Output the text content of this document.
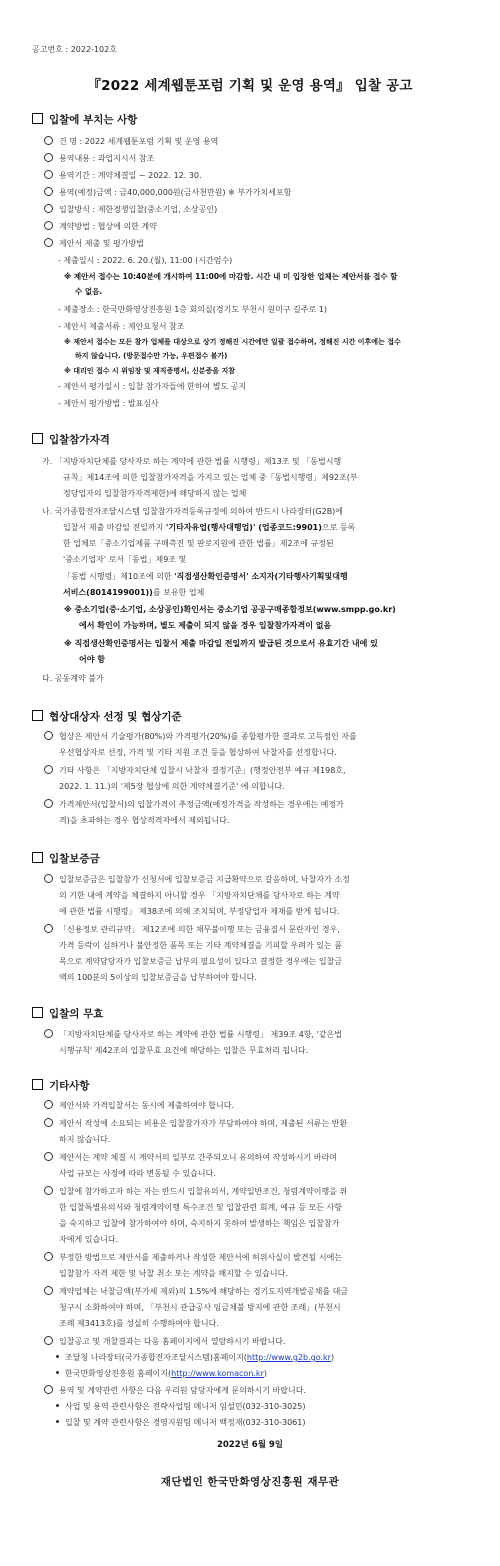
공고번호 : 2022-102호
『2022 세계웹툰포럼 기획 및 운영 용역』 입찰 공고
입찰에 부치는 사항
건 명 : 2022 세계웹툰포럼 기획 및 운영 용역
용역내용 : 과업지시서 참조
용역기간 : 계약체결일 ~ 2022. 12. 30.
용역(예정)금액 : 금40,000,000원(금사천만원) ※ 부가가치세포함
입찰방식 : 제한경쟁입찰(중소기업, 소상공인)
계약방법 : 협상에 의한 계약
제안서 제출 및 평가방법
- 제출일시 : 2022. 6. 20.(월), 11:00 (시간엄수)
※ 제안서 접수는 10:40분에 개시하여 11:00에 마감함. 시간 내 미 입장한 업체는 제안서를 접수 할
수 없음.
- 제출장소 : 한국만화영상진흥원 1층 회의실(경기도 부천시 원미구 길주로 1)
- 제안서 제출서류 : 제안요청서 참조
※ 제안서 접수는 모든 참가 업체를 대상으로 상기 정해진 시간에만 일괄 접수하며, 정해진 시간 이후에는 접수
하지 않습니다. (방문접수만 가능, 우편접수 불가)
※ 대리인 접수 시 위임장 및 재직증명서, 신분증을 지참
- 제안서 평가일시 : 입찰 참가자들에 한하여 별도 공지
- 제안서 평가방법 : 발표심사
입찰참가자격
가. 「지방자치단체를 당사자로 하는 계약에 관한 법률 시행령」제13조 및 「동법시행
규칙」제14조에 의한 입찰참가자격을 가지고 있는 업체 중「동법시행령」제92조(부
정당업자의 입찰참가자격제한)에 해당하지 않는 업체
나. 국가종합전자조달시스템 입찰참가자격등록규정에 의하여 반드시 나라장터(G2B)에
입찰서 제출 마감일 전일까지 '기타자유업(행사대행업)' (업종코드:9901)으로 등록
한 업체로「중소기업제품 구매촉진 및 판로지원에 관한 법률」제2조에 규정된
'중소기업자' 로서「동법」제9조 및
「동법 시행령」제10조에 의한 '직접생산확인증명서' 소지자(기타행사기획및대행
서비스(8014199001))를 보유한 업체
※ 중소기업(중·소기업, 소상공인)확인서는 중소기업 공공구매종합정보(www.smpp.go.kr)
에서 확인이 가능하며, 별도 제출이 되지 않을 경우 입찰참가자격이 없음
※ 직접생산확인증명서는 입찰서 제출 마감일 전일까지 발급된 것으로서 유효기간 내에 있
어야 함
다. 공동계약 불가
협상대상자 선정 및 협상기준
협상은 제안서 기술평가(80%)와 가격평가(20%)를 종합평가한 결과로 고득점인 자를
우선협상자로 선정, 가격 및 기타 지원 조건 등을 협상하여 낙찰자를 선정합니다.
기타 사항은 「지방자치단체 입찰시 낙찰자 결정기준」(행정안전부 예규 제198호,
2022. 1. 11.)의 '제5장 협상에 의한 계약체결기준' 에 의합니다.
가격제안서(입찰서)의 입찰가격이 추정금액(예정가격을 작성하는 경우에는 예정가
격)을 초과하는 경우 협상적격자에서 제외됩니다.
입찰보증금
입찰보증금은 입찰참가 신청서에 입찰보증금 지급확약으로 갈음하며, 낙찰자가 소정
의 기한 내에 계약을 체결하지 아니할 경우 「지방자치단체를 당사자로 하는 계약
에 관한 법률 시행령」 제38조에 의해 조치되며, 부정당업자 제재를 받게 됩니다.
「신용정보 관리규약」 제12조에 의한 채무불이행 또는 금융질서 문란자인 경우,
가격 등락이 심하거나 불안정한 품목 또는 기타 계약체결을 기피할 우려가 있는 품
목으로 계약담당자가 입찰보증금 납부의 필요성이 있다고 결정한 경우에는 입찰금
액의 100분의 5이상의 입찰보증금을 납부하여야 합니다.
입찰의 무효
「지방자치단체를 당사자로 하는 계약에 관한 법률 시행령」 제39조 4항, '같은법
시행규칙' 제42조의 입찰무효 요건에 해당하는 입찰은 무효처리 됩니다.
기타사항
제안서와 가격입찰서는 동시에 제출하여야 합니다.
제안서 작성에 소요되는 비용은 입찰참가자가 부담하여야 하며, 제출된 서류는 반환
하지 않습니다.
제안서는 계약 체결 시 계약서의 일부로 간주되오니 유의하여 작성하시기 바라며
사업 규모는 사정에 따라 변동될 수 있습니다.
입찰에 참가하고자 하는 자는 반드시 입찰유의서, 계약일반조건, 청렴계약이행을 위
한 입찰특별유의서와 청렴계약이행 특수조건 및 입찰관련 회계, 예규 등 모든 사항
을 숙지하고 입찰에 참가하여야 하며, 숙지하지 못하여 발생하는 책임은 입찰참가
자에게 있습니다.
부정한 방법으로 제안서를 제출하거나 작성한 제안서에 허위사실이 발견될 시에는
입찰참가 자격 제한 및 낙찰 취소 또는 계약을 해지할 수 있습니다.
계약업체는 낙찰금액(부가세 제외)의 1.5%에 해당하는 경기도지역개발공채를 대금
청구시 소화하여야 하며, 「부천시 관급공사 임금체불 방지에 관한 조례」(부천시
조례 제3413호)를 성실히 수행하여야 합니다.
입찰공고 및 개찰결과는 다음 홈페이지에서 열람하시기 바랍니다.
조달청 나라장터(국가종합전자조달시스템)홈페이지(http://www.g2b.go.kr)
한국만화영상진흥원 홈페이지(http://www.komacon.kr)
용역 및 계약관련 사항은 다음 우리원 담당자에게 문의하시기 바랍니다.
사업 및 용역 관련사항은 전략사업팀 매니저 임설민(032-310-3025)
입찰 및 계약 관련사항은 경영지원팀 매니저 백정재(032-310-3061)
2022년 6월 9일
재단법인 한국만화영상진흥원 재무관
